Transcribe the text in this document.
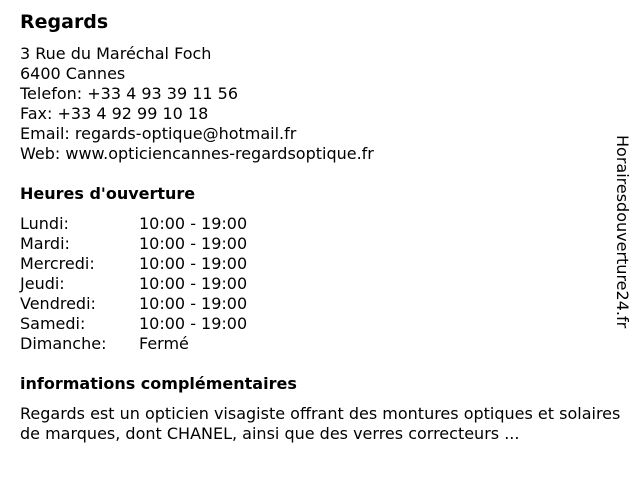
Regards
3 Rue du Maréchal Foch
6400 Cannes
Telefon: +33 4 93 39 11 56
Fax: +33 4 92 99 10 18
Email: regards-optique@hotmail.fr
Web: www.opticiencannes-regardsoptique.fr
Heures d'ouverture
Lundi:	10:00 - 19:00
Mardi:	10:00 - 19:00
Mercredi:	10:00 - 19:00
Jeudi:	10:00 - 19:00
Vendredi:	10:00 - 19:00
Samedi:	10:00 - 19:00
Dimanche:	Fermé
informations complémentaires
Regards est un opticien visagiste offrant des montures optiques et solaires de marques, dont CHANEL, ainsi que des verres correcteurs ...
Horairesdouverture24.fr
